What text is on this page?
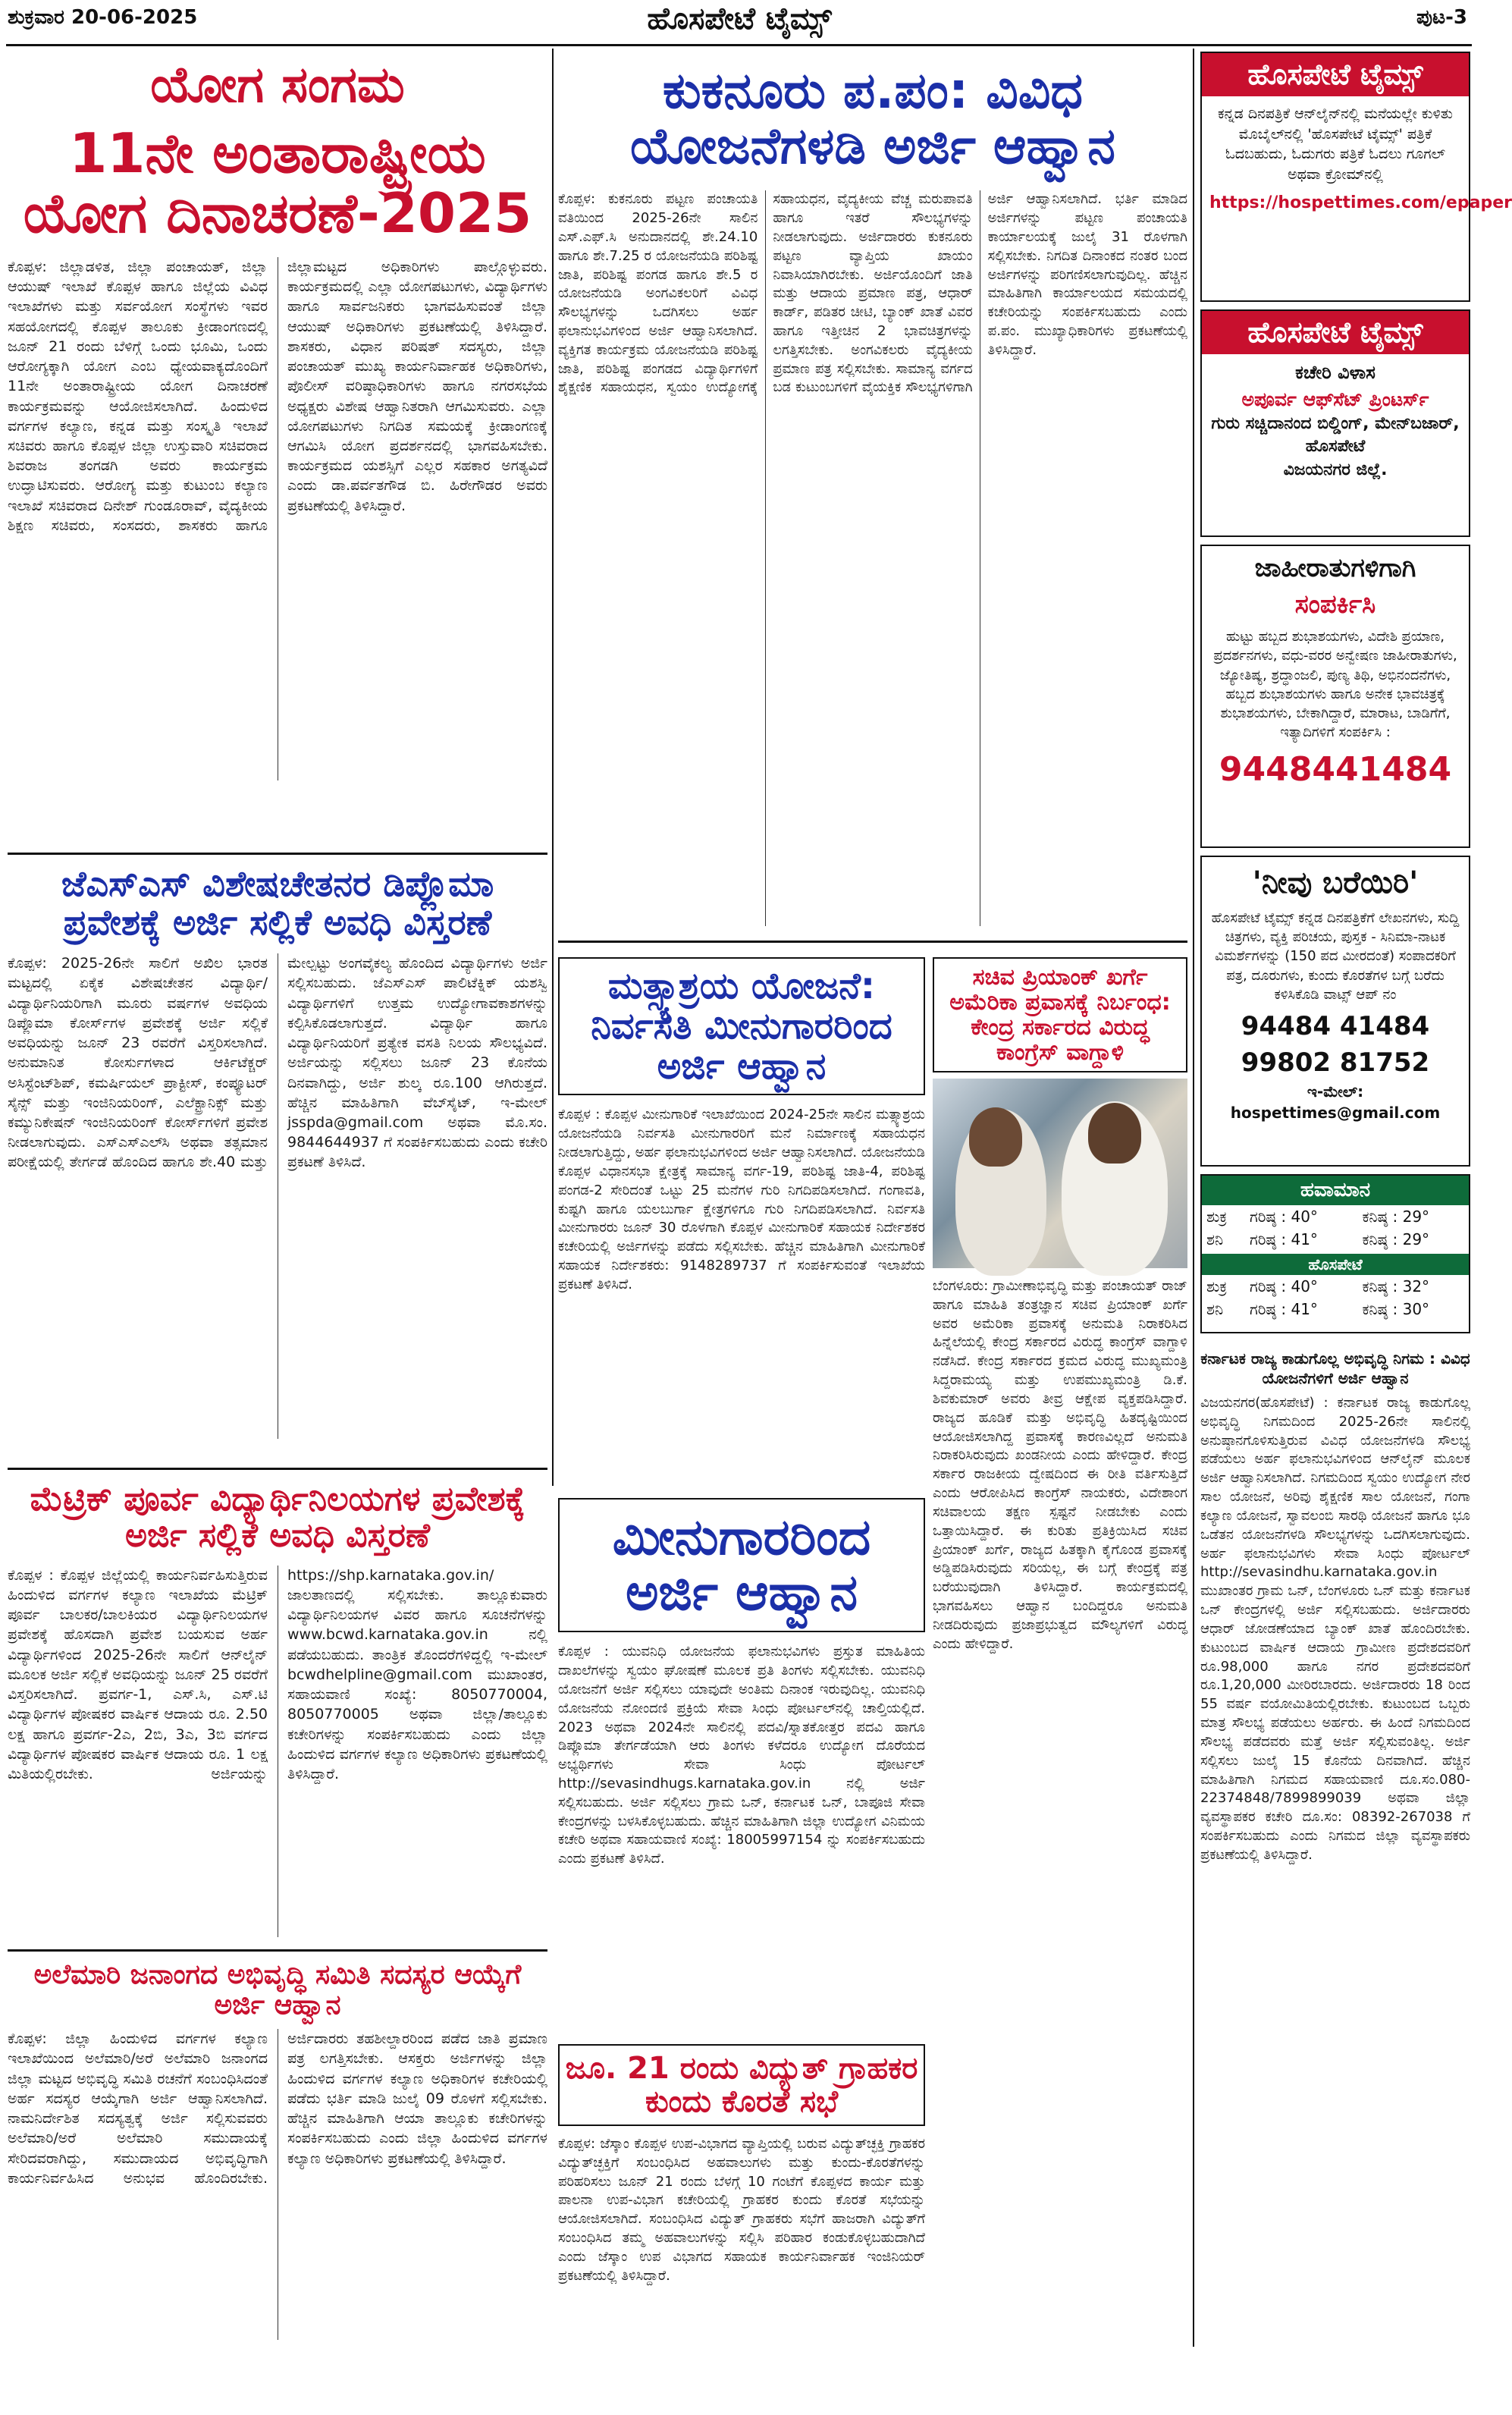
ಶುಕ್ರವಾರ 20-06-2025	ಹೊಸಪೇಟೆ ಟೈಮ್ಸ್	ಪುಟ-3
ಯೋಗ ಸಂಗಮ
11ನೇ ಅಂತಾರಾಷ್ಟ್ರೀಯ ಯೋಗ ದಿನಾಚರಣೆ-2025
ಕೊಪ್ಪಳ: ಜಿಲ್ಲಾಡಳಿತ, ಜಿಲ್ಲಾ ಪಂಚಾಯತ್, ಜಿಲ್ಲಾ ಆಯುಷ್ ಇಲಾಖೆ ಕೊಪ್ಪಳ ಹಾಗೂ ಜಿಲ್ಲೆಯ ವಿವಿಧ ಇಲಾಖೆಗಳು ಮತ್ತು ಸರ್ವಯೋಗ ಸಂಸ್ಥೆಗಳು ಇವರ ಸಹಯೋಗದಲ್ಲಿ ಕೊಪ್ಪಳ ತಾಲೂಕು ಕ್ರೀಡಾಂಗಣದಲ್ಲಿ ಜೂನ್ 21 ರಂದು ಬೆಳಿಗ್ಗೆ ಒಂದು ಭೂಮಿ, ಒಂದು ಆರೋಗ್ಯಕ್ಕಾಗಿ ಯೋಗ ಎಂಬ ಧ್ಯೇಯವಾಕ್ಯದೊಂದಿಗೆ 11ನೇ ಅಂತಾರಾಷ್ಟ್ರೀಯ ಯೋಗ ದಿನಾಚರಣೆ ಕಾರ್ಯಕ್ರಮವನ್ನು ಆಯೋಜಿಸಲಾಗಿದೆ. ಹಿಂದುಳಿದ ವರ್ಗಗಳ ಕಲ್ಯಾಣ, ಕನ್ನಡ ಮತ್ತು ಸಂಸ್ಕೃತಿ ಇಲಾಖೆ ಸಚಿವರು ಹಾಗೂ ಕೊಪ್ಪಳ ಜಿಲ್ಲಾ ಉಸ್ತುವಾರಿ ಸಚಿವರಾದ ಶಿವರಾಜ ತಂಗಡಗಿ ಅವರು ಕಾರ್ಯಕ್ರಮ ಉದ್ಘಾಟಿಸುವರು. ಆರೋಗ್ಯ ಮತ್ತು ಕುಟುಂಬ ಕಲ್ಯಾಣ ಇಲಾಖೆ ಸಚಿವರಾದ ದಿನೇಶ್ ಗುಂಡೂರಾವ್, ವೈದ್ಯಕೀಯ ಶಿಕ್ಷಣ ಸಚಿವರು, ಸಂಸದರು, ಶಾಸಕರು ಹಾಗೂ ಜಿಲ್ಲಾಮಟ್ಟದ ಅಧಿಕಾರಿಗಳು ಪಾಲ್ಗೊಳ್ಳುವರು. ಕಾರ್ಯಕ್ರಮದಲ್ಲಿ ಎಲ್ಲಾ ಯೋಗಪಟುಗಳು, ವಿದ್ಯಾರ್ಥಿಗಳು ಹಾಗೂ ಸಾರ್ವಜನಿಕರು ಭಾಗವಹಿಸುವಂತೆ ಜಿಲ್ಲಾ ಆಯುಷ್ ಅಧಿಕಾರಿಗಳು ಪ್ರಕಟಣೆಯಲ್ಲಿ ತಿಳಿಸಿದ್ದಾರೆ. ಶಾಸಕರು, ವಿಧಾನ ಪರಿಷತ್ ಸದಸ್ಯರು, ಜಿಲ್ಲಾ ಪಂಚಾಯತ್ ಮುಖ್ಯ ಕಾರ್ಯನಿರ್ವಾಹಕ ಅಧಿಕಾರಿಗಳು, ಪೊಲೀಸ್ ವರಿಷ್ಠಾಧಿಕಾರಿಗಳು ಹಾಗೂ ನಗರಸಭೆಯ ಅಧ್ಯಕ್ಷರು ವಿಶೇಷ ಆಹ್ವಾನಿತರಾಗಿ ಆಗಮಿಸುವರು. ಎಲ್ಲಾ ಯೋಗಪಟುಗಳು ನಿಗದಿತ ಸಮಯಕ್ಕೆ ಕ್ರೀಡಾಂಗಣಕ್ಕೆ ಆಗಮಿಸಿ ಯೋಗ ಪ್ರದರ್ಶನದಲ್ಲಿ ಭಾಗವಹಿಸಬೇಕು. ಕಾರ್ಯಕ್ರಮದ ಯಶಸ್ಸಿಗೆ ಎಲ್ಲರ ಸಹಕಾರ ಅಗತ್ಯವಿದೆ ಎಂದು ಡಾ.ಪರ್ವತಗೌಡ ಬಿ. ಹಿರೇಗೌಡರ ಅವರು ಪ್ರಕಟಣೆಯಲ್ಲಿ ತಿಳಿಸಿದ್ದಾರೆ.
ಕುಕನೂರು ಪ.ಪಂ: ವಿವಿಧ ಯೋಜನೆಗಳಡಿ ಅರ್ಜಿ ಆಹ್ವಾನ
ಕೊಪ್ಪಳ: ಕುಕನೂರು ಪಟ್ಟಣ ಪಂಚಾಯತಿ ವತಿಯಿಂದ 2025-26ನೇ ಸಾಲಿನ ಎಸ್.ಎಫ್.ಸಿ ಅನುದಾನದಲ್ಲಿ ಶೇ.24.10 ಹಾಗೂ ಶೇ.7.25 ರ ಯೋಜನೆಯಡಿ ಪರಿಶಿಷ್ಟ ಜಾತಿ, ಪರಿಶಿಷ್ಟ ಪಂಗಡ ಹಾಗೂ ಶೇ.5 ರ ಯೋಜನೆಯಡಿ ಅಂಗವಿಕಲರಿಗೆ ವಿವಿಧ ಸೌಲಭ್ಯಗಳನ್ನು ಒದಗಿಸಲು ಅರ್ಹ ಫಲಾನುಭವಿಗಳಿಂದ ಅರ್ಜಿ ಆಹ್ವಾನಿಸಲಾಗಿದೆ. ವ್ಯಕ್ತಿಗತ ಕಾರ್ಯಕ್ರಮ ಯೋಜನೆಯಡಿ ಪರಿಶಿಷ್ಟ ಜಾತಿ, ಪರಿಶಿಷ್ಟ ಪಂಗಡದ ವಿದ್ಯಾರ್ಥಿಗಳಿಗೆ ಶೈಕ್ಷಣಿಕ ಸಹಾಯಧನ, ಸ್ವಯಂ ಉದ್ಯೋಗಕ್ಕೆ ಸಹಾಯಧನ, ವೈದ್ಯಕೀಯ ವೆಚ್ಚ ಮರುಪಾವತಿ ಹಾಗೂ ಇತರೆ ಸೌಲಭ್ಯಗಳನ್ನು ನೀಡಲಾಗುವುದು. ಅರ್ಜಿದಾರರು ಕುಕನೂರು ಪಟ್ಟಣ ವ್ಯಾಪ್ತಿಯ ಖಾಯಂ ನಿವಾಸಿಯಾಗಿರಬೇಕು. ಅರ್ಜಿಯೊಂದಿಗೆ ಜಾತಿ ಮತ್ತು ಆದಾಯ ಪ್ರಮಾಣ ಪತ್ರ, ಆಧಾರ್ ಕಾರ್ಡ್, ಪಡಿತರ ಚೀಟಿ, ಬ್ಯಾಂಕ್ ಖಾತೆ ವಿವರ ಹಾಗೂ ಇತ್ತೀಚಿನ 2 ಭಾವಚಿತ್ರಗಳನ್ನು ಲಗತ್ತಿಸಬೇಕು. ಅಂಗವಿಕಲರು ವೈದ್ಯಕೀಯ ಪ್ರಮಾಣ ಪತ್ರ ಸಲ್ಲಿಸಬೇಕು. ಸಾಮಾನ್ಯ ವರ್ಗದ ಬಡ ಕುಟುಂಬಗಳಿಗೆ ವೈಯಕ್ತಿಕ ಸೌಲಭ್ಯಗಳಿಗಾಗಿ ಅರ್ಜಿ ಆಹ್ವಾನಿಸಲಾಗಿದೆ. ಭರ್ತಿ ಮಾಡಿದ ಅರ್ಜಿಗಳನ್ನು ಪಟ್ಟಣ ಪಂಚಾಯತಿ ಕಾರ್ಯಾಲಯಕ್ಕೆ ಜುಲೈ 31 ರೊಳಗಾಗಿ ಸಲ್ಲಿಸಬೇಕು. ನಿಗದಿತ ದಿನಾಂಕದ ನಂತರ ಬಂದ ಅರ್ಜಿಗಳನ್ನು ಪರಿಗಣಿಸಲಾಗುವುದಿಲ್ಲ. ಹೆಚ್ಚಿನ ಮಾಹಿತಿಗಾಗಿ ಕಾರ್ಯಾಲಯದ ಸಮಯದಲ್ಲಿ ಕಚೇರಿಯನ್ನು ಸಂಪರ್ಕಿಸಬಹುದು ಎಂದು ಪ.ಪಂ. ಮುಖ್ಯಾಧಿಕಾರಿಗಳು ಪ್ರಕಟಣೆಯಲ್ಲಿ ತಿಳಿಸಿದ್ದಾರೆ.
ಜೆಎಸ್‍ಎಸ್ ವಿಶೇಷಚೇತನರ ಡಿಪ್ಲೊಮಾ ಪ್ರವೇಶಕ್ಕೆ ಅರ್ಜಿ ಸಲ್ಲಿಕೆ ಅವಧಿ ವಿಸ್ತರಣೆ
ಕೊಪ್ಪಳ: 2025-26ನೇ ಸಾಲಿಗೆ ಅಖಿಲ ಭಾರತ ಮಟ್ಟದಲ್ಲಿ ಏಕೈಕ ವಿಶೇಷಚೇತನ ವಿದ್ಯಾರ್ಥಿ/ವಿದ್ಯಾರ್ಥಿನಿಯರಿಗಾಗಿ ಮೂರು ವರ್ಷಗಳ ಅವಧಿಯ ಡಿಪ್ಲೊಮಾ ಕೋರ್ಸ್‍ಗಳ ಪ್ರವೇಶಕ್ಕೆ ಅರ್ಜಿ ಸಲ್ಲಿಕೆ ಅವಧಿಯನ್ನು ಜೂನ್ 23 ರವರೆಗೆ ವಿಸ್ತರಿಸಲಾಗಿದೆ. ಅನುಮಾನಿತ ಕೋರ್ಸುಗಳಾದ ಆರ್ಕಿಟೆಕ್ಚರ್ ಅಸಿಸ್ಟೆಂಟ್‍ಶಿಪ್, ಕಮರ್ಷಿಯಲ್ ಪ್ರಾಕ್ಟೀಸ್, ಕಂಪ್ಯೂಟರ್ ಸೈನ್ಸ್ ಮತ್ತು ಇಂಜಿನಿಯರಿಂಗ್, ಎಲೆಕ್ಟ್ರಾನಿಕ್ಸ್ ಮತ್ತು ಕಮ್ಯುನಿಕೇಷನ್ ಇಂಜಿನಿಯರಿಂಗ್ ಕೋರ್ಸ್‍ಗಳಿಗೆ ಪ್ರವೇಶ ನೀಡಲಾಗುವುದು. ಎಸ್‍ಎಸ್‍ಎಲ್‍ಸಿ ಅಥವಾ ತತ್ಸಮಾನ ಪರೀಕ್ಷೆಯಲ್ಲಿ ತೇರ್ಗಡೆ ಹೊಂದಿದ ಹಾಗೂ ಶೇ.40 ಮತ್ತು ಮೇಲ್ಪಟ್ಟು ಅಂಗವೈಕಲ್ಯ ಹೊಂದಿದ ವಿದ್ಯಾರ್ಥಿಗಳು ಅರ್ಜಿ ಸಲ್ಲಿಸಬಹುದು. ಜೆಎಸ್‍ಎಸ್ ಪಾಲಿಟೆಕ್ನಿಕ್ ಯಶಸ್ವಿ ವಿದ್ಯಾರ್ಥಿಗಳಿಗೆ ಉತ್ತಮ ಉದ್ಯೋಗಾವಕಾಶಗಳನ್ನು ಕಲ್ಪಿಸಿಕೊಡಲಾಗುತ್ತದೆ. ವಿದ್ಯಾರ್ಥಿ ಹಾಗೂ ವಿದ್ಯಾರ್ಥಿನಿಯರಿಗೆ ಪ್ರತ್ಯೇಕ ವಸತಿ ನಿಲಯ ಸೌಲಭ್ಯವಿದೆ. ಅರ್ಜಿಯನ್ನು ಸಲ್ಲಿಸಲು ಜೂನ್ 23 ಕೊನೆಯ ದಿನವಾಗಿದ್ದು, ಅರ್ಜಿ ಶುಲ್ಕ ರೂ.100 ಆಗಿರುತ್ತದೆ. ಹೆಚ್ಚಿನ ಮಾಹಿತಿಗಾಗಿ ವೆಬ್‍ಸೈಟ್, ಇ-ಮೇಲ್ jsspda@gmail.com ಅಥವಾ ಮೊ.ಸಂ. 9844644937 ಗೆ ಸಂಪರ್ಕಿಸಬಹುದು ಎಂದು ಕಚೇರಿ ಪ್ರಕಟಣೆ ತಿಳಿಸಿದೆ.
ಮತ್ಸ್ಯಾಶ್ರಯ ಯೋಜನೆ: ನಿರ್ವಸತಿ ಮೀನುಗಾರರಿಂದ ಅರ್ಜಿ ಆಹ್ವಾನ
ಕೊಪ್ಪಳ : ಕೊಪ್ಪಳ ಮೀನುಗಾರಿಕೆ ಇಲಾಖೆಯಿಂದ 2024-25ನೇ ಸಾಲಿನ ಮತ್ಸ್ಯಾಶ್ರಯ ಯೋಜನೆಯಡಿ ನಿರ್ವಸತಿ ಮೀನುಗಾರರಿಗೆ ಮನೆ ನಿರ್ಮಾಣಕ್ಕೆ ಸಹಾಯಧನ ನೀಡಲಾಗುತ್ತಿದ್ದು, ಅರ್ಹ ಫಲಾನುಭವಿಗಳಿಂದ ಅರ್ಜಿ ಆಹ್ವಾನಿಸಲಾಗಿದೆ. ಯೋಜನೆಯಡಿ ಕೊಪ್ಪಳ ವಿಧಾನಸಭಾ ಕ್ಷೇತ್ರಕ್ಕೆ ಸಾಮಾನ್ಯ ವರ್ಗ-19, ಪರಿಶಿಷ್ಟ ಜಾತಿ-4, ಪರಿಶಿಷ್ಟ ಪಂಗಡ-2 ಸೇರಿದಂತೆ ಒಟ್ಟು 25 ಮನೆಗಳ ಗುರಿ ನಿಗದಿಪಡಿಸಲಾಗಿದೆ. ಗಂಗಾವತಿ, ಕುಷ್ಟಗಿ ಹಾಗೂ ಯಲಬುರ್ಗಾ ಕ್ಷೇತ್ರಗಳಿಗೂ ಗುರಿ ನಿಗದಿಪಡಿಸಲಾಗಿದೆ. ನಿರ್ವಸತಿ ಮೀನುಗಾರರು ಜೂನ್ 30 ರೊಳಗಾಗಿ ಕೊಪ್ಪಳ ಮೀನುಗಾರಿಕೆ ಸಹಾಯಕ ನಿರ್ದೇಶಕರ ಕಚೇರಿಯಲ್ಲಿ ಅರ್ಜಿಗಳನ್ನು ಪಡೆದು ಸಲ್ಲಿಸಬೇಕು. ಹೆಚ್ಚಿನ ಮಾಹಿತಿಗಾಗಿ ಮೀನುಗಾರಿಕೆ ಸಹಾಯಕ ನಿರ್ದೇಶಕರು: 9148289737 ಗೆ ಸಂಪರ್ಕಿಸುವಂತೆ ಇಲಾಖೆಯ ಪ್ರಕಟಣೆ ತಿಳಿಸಿದೆ.
ಸಚಿವ ಪ್ರಿಯಾಂಕ್ ಖರ್ಗೆ ಅಮೆರಿಕಾ ಪ್ರವಾಸಕ್ಕೆ ನಿರ್ಬಂಧ: ಕೇಂದ್ರ ಸರ್ಕಾರದ ವಿರುದ್ಧ ಕಾಂಗ್ರೆಸ್ ವಾಗ್ದಾಳಿ
ಬೆಂಗಳೂರು: ಗ್ರಾಮೀಣಾಭಿವೃದ್ಧಿ ಮತ್ತು ಪಂಚಾಯತ್ ರಾಜ್ ಹಾಗೂ ಮಾಹಿತಿ ತಂತ್ರಜ್ಞಾನ ಸಚಿವ ಪ್ರಿಯಾಂಕ್ ಖರ್ಗೆ ಅವರ ಅಮೆರಿಕಾ ಪ್ರವಾಸಕ್ಕೆ ಅನುಮತಿ ನಿರಾಕರಿಸಿದ ಹಿನ್ನೆಲೆಯಲ್ಲಿ ಕೇಂದ್ರ ಸರ್ಕಾರದ ವಿರುದ್ಧ ಕಾಂಗ್ರೆಸ್ ವಾಗ್ದಾಳಿ ನಡೆಸಿದೆ. ಕೇಂದ್ರ ಸರ್ಕಾರದ ಕ್ರಮದ ವಿರುದ್ಧ ಮುಖ್ಯಮಂತ್ರಿ ಸಿದ್ದರಾಮಯ್ಯ ಮತ್ತು ಉಪಮುಖ್ಯಮಂತ್ರಿ ಡಿ.ಕೆ. ಶಿವಕುಮಾರ್ ಅವರು ತೀವ್ರ ಆಕ್ಷೇಪ ವ್ಯಕ್ತಪಡಿಸಿದ್ದಾರೆ. ರಾಜ್ಯದ ಹೂಡಿಕೆ ಮತ್ತು ಅಭಿವೃದ್ಧಿ ಹಿತದೃಷ್ಟಿಯಿಂದ ಆಯೋಜಿಸಲಾಗಿದ್ದ ಪ್ರವಾಸಕ್ಕೆ ಕಾರಣವಿಲ್ಲದೆ ಅನುಮತಿ ನಿರಾಕರಿಸಿರುವುದು ಖಂಡನೀಯ ಎಂದು ಹೇಳಿದ್ದಾರೆ. ಕೇಂದ್ರ ಸರ್ಕಾರ ರಾಜಕೀಯ ದ್ವೇಷದಿಂದ ಈ ರೀತಿ ವರ್ತಿಸುತ್ತಿದೆ ಎಂದು ಆರೋಪಿಸಿದ ಕಾಂಗ್ರೆಸ್ ನಾಯಕರು, ವಿದೇಶಾಂಗ ಸಚಿವಾಲಯ ತಕ್ಷಣ ಸ್ಪಷ್ಟನೆ ನೀಡಬೇಕು ಎಂದು ಒತ್ತಾಯಿಸಿದ್ದಾರೆ. ಈ ಕುರಿತು ಪ್ರತಿಕ್ರಿಯಿಸಿದ ಸಚಿವ ಪ್ರಿಯಾಂಕ್ ಖರ್ಗೆ, ರಾಜ್ಯದ ಹಿತಕ್ಕಾಗಿ ಕೈಗೊಂಡ ಪ್ರವಾಸಕ್ಕೆ ಅಡ್ಡಿಪಡಿಸಿರುವುದು ಸರಿಯಲ್ಲ, ಈ ಬಗ್ಗೆ ಕೇಂದ್ರಕ್ಕೆ ಪತ್ರ ಬರೆಯುವುದಾಗಿ ತಿಳಿಸಿದ್ದಾರೆ. ಕಾರ್ಯಕ್ರಮದಲ್ಲಿ ಭಾಗವಹಿಸಲು ಆಹ್ವಾನ ಬಂದಿದ್ದರೂ ಅನುಮತಿ ನೀಡದಿರುವುದು ಪ್ರಜಾಪ್ರಭುತ್ವದ ಮೌಲ್ಯಗಳಿಗೆ ವಿರುದ್ಧ ಎಂದು ಹೇಳಿದ್ದಾರೆ.
ಮೆಟ್ರಿಕ್ ಪೂರ್ವ ವಿದ್ಯಾರ್ಥಿನಿಲಯಗಳ ಪ್ರವೇಶಕ್ಕೆ ಅರ್ಜಿ ಸಲ್ಲಿಕೆ ಅವಧಿ ವಿಸ್ತರಣೆ
ಕೊಪ್ಪಳ : ಕೊಪ್ಪಳ ಜಿಲ್ಲೆಯಲ್ಲಿ ಕಾರ್ಯನಿರ್ವಹಿಸುತ್ತಿರುವ ಹಿಂದುಳಿದ ವರ್ಗಗಳ ಕಲ್ಯಾಣ ಇಲಾಖೆಯ ಮೆಟ್ರಿಕ್ ಪೂರ್ವ ಬಾಲಕರ/ಬಾಲಕಿಯರ ವಿದ್ಯಾರ್ಥಿನಿಲಯಗಳ ಪ್ರವೇಶಕ್ಕೆ ಹೊಸದಾಗಿ ಪ್ರವೇಶ ಬಯಸುವ ಅರ್ಹ ವಿದ್ಯಾರ್ಥಿಗಳಿಂದ 2025-26ನೇ ಸಾಲಿಗೆ ಆನ್‍ಲೈನ್ ಮೂಲಕ ಅರ್ಜಿ ಸಲ್ಲಿಕೆ ಅವಧಿಯನ್ನು ಜೂನ್ 25 ರವರೆಗೆ ವಿಸ್ತರಿಸಲಾಗಿದೆ. ಪ್ರವರ್ಗ-1, ಎಸ್.ಸಿ, ಎಸ್.ಟಿ ವಿದ್ಯಾರ್ಥಿಗಳ ಪೋಷಕರ ವಾರ್ಷಿಕ ಆದಾಯ ರೂ. 2.50 ಲಕ್ಷ ಹಾಗೂ ಪ್ರವರ್ಗ-2ಎ, 2ಬಿ, 3ಎ, 3ಬಿ ವರ್ಗದ ವಿದ್ಯಾರ್ಥಿಗಳ ಪೋಷಕರ ವಾರ್ಷಿಕ ಆದಾಯ ರೂ. 1 ಲಕ್ಷ ಮಿತಿಯಲ್ಲಿರಬೇಕು. ಅರ್ಜಿಯನ್ನು https://shp.karnataka.gov.in/ ಜಾಲತಾಣದಲ್ಲಿ ಸಲ್ಲಿಸಬೇಕು. ತಾಲ್ಲೂಕುವಾರು ವಿದ್ಯಾರ್ಥಿನಿಲಯಗಳ ವಿವರ ಹಾಗೂ ಸೂಚನೆಗಳನ್ನು www.bcwd.karnataka.gov.in ನಲ್ಲಿ ಪಡೆಯಬಹುದು. ತಾಂತ್ರಿಕ ತೊಂದರೆಗಳಿದ್ದಲ್ಲಿ ಇ-ಮೇಲ್ bcwdhelpline@gmail.com ಮುಖಾಂತರ, ಸಹಾಯವಾಣಿ ಸಂಖ್ಯೆ: 8050770004, 8050770005 ಅಥವಾ ಜಿಲ್ಲಾ/ತಾಲ್ಲೂಕು ಕಚೇರಿಗಳನ್ನು ಸಂಪರ್ಕಿಸಬಹುದು ಎಂದು ಜಿಲ್ಲಾ ಹಿಂದುಳಿದ ವರ್ಗಗಳ ಕಲ್ಯಾಣ ಅಧಿಕಾರಿಗಳು ಪ್ರಕಟಣೆಯಲ್ಲಿ ತಿಳಿಸಿದ್ದಾರೆ.
ಮೀನುಗಾರರಿಂದ ಅರ್ಜಿ ಆಹ್ವಾನ
ಕೊಪ್ಪಳ : ಯುವನಿಧಿ ಯೋಜನೆಯ ಫಲಾನುಭವಿಗಳು ಪ್ರಸ್ತುತ ಮಾಹಿತಿಯ ದಾಖಲೆಗಳನ್ನು ಸ್ವಯಂ ಘೋಷಣೆ ಮೂಲಕ ಪ್ರತಿ ತಿಂಗಳು ಸಲ್ಲಿಸಬೇಕು. ಯುವನಿಧಿ ಯೋಜನೆಗೆ ಅರ್ಜಿ ಸಲ್ಲಿಸಲು ಯಾವುದೇ ಅಂತಿಮ ದಿನಾಂಕ ಇರುವುದಿಲ್ಲ. ಯುವನಿಧಿ ಯೋಜನೆಯ ನೋಂದಣಿ ಪ್ರಕ್ರಿಯೆ ಸೇವಾ ಸಿಂಧು ಪೋರ್ಟಲ್‍ನಲ್ಲಿ ಚಾಲ್ತಿಯಲ್ಲಿದೆ. 2023 ಅಥವಾ 2024ನೇ ಸಾಲಿನಲ್ಲಿ ಪದವಿ/ಸ್ನಾತಕೋತ್ತರ ಪದವಿ ಹಾಗೂ ಡಿಪ್ಲೊಮಾ ತೇರ್ಗಡೆಯಾಗಿ ಆರು ತಿಂಗಳು ಕಳೆದರೂ ಉದ್ಯೋಗ ದೊರೆಯದ ಅಭ್ಯರ್ಥಿಗಳು ಸೇವಾ ಸಿಂಧು ಪೋರ್ಟಲ್ http://sevasindhugs.karnataka.gov.in ನಲ್ಲಿ ಅರ್ಜಿ ಸಲ್ಲಿಸಬಹುದು. ಅರ್ಜಿ ಸಲ್ಲಿಸಲು ಗ್ರಾಮ ಒನ್, ಕರ್ನಾಟಕ ಒನ್, ಬಾಪೂಜಿ ಸೇವಾ ಕೇಂದ್ರಗಳನ್ನು ಬಳಸಿಕೊಳ್ಳಬಹುದು. ಹೆಚ್ಚಿನ ಮಾಹಿತಿಗಾಗಿ ಜಿಲ್ಲಾ ಉದ್ಯೋಗ ವಿನಿಮಯ ಕಚೇರಿ ಅಥವಾ ಸಹಾಯವಾಣಿ ಸಂಖ್ಯೆ: 18005997154 ನ್ನು ಸಂಪರ್ಕಿಸಬಹುದು ಎಂದು ಪ್ರಕಟಣೆ ತಿಳಿಸಿದೆ.
ಜೂ. 21 ರಂದು ವಿದ್ಯುತ್ ಗ್ರಾಹಕರ ಕುಂದು ಕೊರತೆ ಸಭೆ
ಕೊಪ್ಪಳ: ಜೆಸ್ಕಾಂ ಕೊಪ್ಪಳ ಉಪ-ವಿಭಾಗದ ವ್ಯಾಪ್ತಿಯಲ್ಲಿ ಬರುವ ವಿದ್ಯುತ್‍ಚ್ಛಕ್ತಿ ಗ್ರಾಹಕರ ವಿದ್ಯುತ್‍ಚ್ಛಕ್ತಿಗೆ ಸಂಬಂಧಿಸಿದ ಅಹವಾಲುಗಳು ಮತ್ತು ಕುಂದು-ಕೊರತೆಗಳನ್ನು ಪರಿಹರಿಸಲು ಜೂನ್ 21 ರಂದು ಬೆಳಗ್ಗೆ 10 ಗಂಟೆಗೆ ಕೊಪ್ಪಳದ ಕಾರ್ಯ ಮತ್ತು ಪಾಲನಾ ಉಪ-ವಿಭಾಗ ಕಚೇರಿಯಲ್ಲಿ ಗ್ರಾಹಕರ ಕುಂದು ಕೊರತೆ ಸಭೆಯನ್ನು ಆಯೋಜಿಸಲಾಗಿದೆ. ಸಂಬಂಧಿಸಿದ ವಿದ್ಯುತ್ ಗ್ರಾಹಕರು ಸಭೆಗೆ ಹಾಜರಾಗಿ ವಿದ್ಯುತ್‍ಗೆ ಸಂಬಂಧಿಸಿದ ತಮ್ಮ ಅಹವಾಲುಗಳನ್ನು ಸಲ್ಲಿಸಿ ಪರಿಹಾರ ಕಂಡುಕೊಳ್ಳಬಹುದಾಗಿದೆ ಎಂದು ಜೆಸ್ಕಾಂ ಉಪ ವಿಭಾಗದ ಸಹಾಯಕ ಕಾರ್ಯನಿರ್ವಾಹಕ ಇಂಜಿನಿಯರ್ ಪ್ರಕಟಣೆಯಲ್ಲಿ ತಿಳಿಸಿದ್ದಾರೆ.
ಅಲೆಮಾರಿ ಜನಾಂಗದ ಅಭಿವೃದ್ಧಿ ಸಮಿತಿ ಸದಸ್ಯರ ಆಯ್ಕೆಗೆ ಅರ್ಜಿ ಆಹ್ವಾನ
ಕೊಪ್ಪಳ: ಜಿಲ್ಲಾ ಹಿಂದುಳಿದ ವರ್ಗಗಳ ಕಲ್ಯಾಣ ಇಲಾಖೆಯಿಂದ ಅಲೆಮಾರಿ/ಅರೆ ಅಲೆಮಾರಿ ಜನಾಂಗದ ಜಿಲ್ಲಾ ಮಟ್ಟದ ಅಭಿವೃದ್ಧಿ ಸಮಿತಿ ರಚನೆಗೆ ಸಂಬಂಧಿಸಿದಂತೆ ಅರ್ಹ ಸದಸ್ಯರ ಆಯ್ಕೆಗಾಗಿ ಅರ್ಜಿ ಆಹ್ವಾನಿಸಲಾಗಿದೆ. ನಾಮನಿರ್ದೇಶಿತ ಸದಸ್ಯತ್ವಕ್ಕೆ ಅರ್ಜಿ ಸಲ್ಲಿಸುವವರು ಅಲೆಮಾರಿ/ಅರೆ ಅಲೆಮಾರಿ ಸಮುದಾಯಕ್ಕೆ ಸೇರಿದವರಾಗಿದ್ದು, ಸಮುದಾಯದ ಅಭಿವೃದ್ಧಿಗಾಗಿ ಕಾರ್ಯನಿರ್ವಹಿಸಿದ ಅನುಭವ ಹೊಂದಿರಬೇಕು. ಅರ್ಜಿದಾರರು ತಹಶೀಲ್ದಾರರಿಂದ ಪಡೆದ ಜಾತಿ ಪ್ರಮಾಣ ಪತ್ರ ಲಗತ್ತಿಸಬೇಕು. ಆಸಕ್ತರು ಅರ್ಜಿಗಳನ್ನು ಜಿಲ್ಲಾ ಹಿಂದುಳಿದ ವರ್ಗಗಳ ಕಲ್ಯಾಣ ಅಧಿಕಾರಿಗಳ ಕಚೇರಿಯಲ್ಲಿ ಪಡೆದು ಭರ್ತಿ ಮಾಡಿ ಜುಲೈ 09 ರೊಳಗೆ ಸಲ್ಲಿಸಬೇಕು. ಹೆಚ್ಚಿನ ಮಾಹಿತಿಗಾಗಿ ಆಯಾ ತಾಲ್ಲೂಕು ಕಚೇರಿಗಳನ್ನು ಸಂಪರ್ಕಿಸಬಹುದು ಎಂದು ಜಿಲ್ಲಾ ಹಿಂದುಳಿದ ವರ್ಗಗಳ ಕಲ್ಯಾಣ ಅಧಿಕಾರಿಗಳು ಪ್ರಕಟಣೆಯಲ್ಲಿ ತಿಳಿಸಿದ್ದಾರೆ.
ಹೊಸಪೇಟೆ ಟೈಮ್ಸ್
ಕನ್ನಡ ದಿನಪತ್ರಿಕೆ ಆನ್‍ಲೈನ್‍ನಲ್ಲಿ ಮನೆಯಲ್ಲೇ ಕುಳಿತು ಮೊಬೈಲ್‍ನಲ್ಲಿ 'ಹೊಸಪೇಟೆ ಟೈಮ್ಸ್' ಪತ್ರಿಕೆ ಓದಬಹುದು, ಓದುಗರು ಪತ್ರಿಕೆ ಓದಲು ಗೂಗಲ್ ಅಥವಾ ಕ್ರೋಮ್‍ನಲ್ಲಿ
https://hospettimes.com/epaper
ಹೊಸಪೇಟೆ ಟೈಮ್ಸ್
ಕಚೇರಿ ವಿಳಾಸ
ಅಪೂರ್ವ ಆಫ್‍ಸೆಟ್ ಪ್ರಿಂಟರ್ಸ್
ಗುರು ಸಚ್ಚಿದಾನಂದ ಬಿಲ್ಡಿಂಗ್, ಮೇನ್‍ಬಜಾರ್, ಹೊಸಪೇಟೆ
ವಿಜಯನಗರ ಜಿಲ್ಲೆ.
ಜಾಹೀರಾತುಗಳಿಗಾಗಿ
ಸಂಪರ್ಕಿಸಿ
ಹುಟ್ಟು ಹಬ್ಬದ ಶುಭಾಶಯಗಳು, ವಿದೇಶಿ ಪ್ರಯಾಣ, ಪ್ರದರ್ಶನಗಳು, ವಧು-ವರರ ಅನ್ವೇಷಣ ಜಾಹೀರಾತುಗಳು, ಜ್ಯೋತಿಷ್ಯ, ಶ್ರದ್ಧಾಂಜಲಿ, ಪುಣ್ಯ ತಿಥಿ, ಅಭಿನಂದನೆಗಳು, ಹಬ್ಬದ ಶುಭಾಶಯಗಳು ಹಾಗೂ ಅನೇಕ ಭಾವಚಿತ್ರಕ್ಕೆ ಶುಭಾಶಯಗಳು, ಬೇಕಾಗಿದ್ದಾರೆ, ಮಾರಾಟ, ಬಾಡಿಗೆಗೆ, ಇತ್ಯಾದಿಗಳಿಗೆ ಸಂಪರ್ಕಿಸಿ :
9448441484
'ನೀವು ಬರೆಯಿರಿ'
ಹೊಸಪೇಟೆ ಟೈಮ್ಸ್ ಕನ್ನಡ ದಿನಪತ್ರಿಕೆಗೆ ಲೇಖನಗಳು, ಸುದ್ದಿ ಚಿತ್ರಗಳು, ವ್ಯಕ್ತಿ ಪರಿಚಯ, ಪುಸ್ತಕ - ಸಿನಿಮಾ-ನಾಟಕ ವಿಮರ್ಶೆಗಳನ್ನು (150 ಪದ ಮೀರದಂತೆ) ಸಂಪಾದಕರಿಗೆ ಪತ್ರ, ದೂರುಗಳು, ಕುಂದು ಕೊರತೆಗಳ ಬಗ್ಗೆ ಬರೆದು ಕಳಿಸಿಕೊಡಿ ವಾಟ್ಸ್ ಆಪ್ ನಂ
94484 41484
99802 81752
ಇ-ಮೇಲ್: hospettimes@gmail.com
ಹವಾಮಾನ
ಶುಕ್ರ	ಗರಿಷ್ಠ : 40°	ಕನಿಷ್ಠ : 29°
ಶನಿ	ಗರಿಷ್ಠ : 41°	ಕನಿಷ್ಠ : 29°
ಹೊಸಪೇಟೆ
ಶುಕ್ರ	ಗರಿಷ್ಠ : 40°	ಕನಿಷ್ಠ : 32°
ಶನಿ	ಗರಿಷ್ಠ : 41°	ಕನಿಷ್ಠ : 30°
ಕರ್ನಾಟಕ ರಾಜ್ಯ ಕಾಡುಗೊಲ್ಲ ಅಭಿವೃದ್ಧಿ ನಿಗಮ : ವಿವಿಧ ಯೋಜನೆಗಳಿಗೆ ಅರ್ಜಿ ಆಹ್ವಾನ
ವಿಜಯನಗರ(ಹೊಸಪೇಟೆ) : ಕರ್ನಾಟಕ ರಾಜ್ಯ ಕಾಡುಗೊಲ್ಲ ಅಭಿವೃದ್ಧಿ ನಿಗಮದಿಂದ 2025-26ನೇ ಸಾಲಿನಲ್ಲಿ ಅನುಷ್ಠಾನಗೊಳಿಸುತ್ತಿರುವ ವಿವಿಧ ಯೋಜನೆಗಳಡಿ ಸೌಲಭ್ಯ ಪಡೆಯಲು ಅರ್ಹ ಫಲಾನುಭವಿಗಳಿಂದ ಆನ್‍ಲೈನ್ ಮೂಲಕ ಅರ್ಜಿ ಆಹ್ವಾನಿಸಲಾಗಿದೆ. ನಿಗಮದಿಂದ ಸ್ವಯಂ ಉದ್ಯೋಗ ನೇರ ಸಾಲ ಯೋಜನೆ, ಅರಿವು ಶೈಕ್ಷಣಿಕ ಸಾಲ ಯೋಜನೆ, ಗಂಗಾ ಕಲ್ಯಾಣ ಯೋಜನೆ, ಸ್ವಾವಲಂಬಿ ಸಾರಥಿ ಯೋಜನೆ ಹಾಗೂ ಭೂ ಒಡೆತನ ಯೋಜನೆಗಳಡಿ ಸೌಲಭ್ಯಗಳನ್ನು ಒದಗಿಸಲಾಗುವುದು. ಅರ್ಹ ಫಲಾನುಭವಿಗಳು ಸೇವಾ ಸಿಂಧು ಪೋರ್ಟಲ್ http://sevasindhu.karnataka.gov.in ಮುಖಾಂತರ ಗ್ರಾಮ ಒನ್, ಬೆಂಗಳೂರು ಒನ್ ಮತ್ತು ಕರ್ನಾಟಕ ಒನ್ ಕೇಂದ್ರಗಳಲ್ಲಿ ಅರ್ಜಿ ಸಲ್ಲಿಸಬಹುದು. ಅರ್ಜಿದಾರರು ಆಧಾರ್ ಜೋಡಣೆಯಾದ ಬ್ಯಾಂಕ್ ಖಾತೆ ಹೊಂದಿರಬೇಕು. ಕುಟುಂಬದ ವಾರ್ಷಿಕ ಆದಾಯ ಗ್ರಾಮೀಣ ಪ್ರದೇಶದವರಿಗೆ ರೂ.98,000 ಹಾಗೂ ನಗರ ಪ್ರದೇಶದವರಿಗೆ ರೂ.1,20,000 ಮೀರಿರಬಾರದು. ಅರ್ಜಿದಾರರು 18 ರಿಂದ 55 ವರ್ಷ ವಯೋಮಿತಿಯಲ್ಲಿರಬೇಕು. ಕುಟುಂಬದ ಒಬ್ಬರು ಮಾತ್ರ ಸೌಲಭ್ಯ ಪಡೆಯಲು ಅರ್ಹರು. ಈ ಹಿಂದೆ ನಿಗಮದಿಂದ ಸೌಲಭ್ಯ ಪಡೆದವರು ಮತ್ತೆ ಅರ್ಜಿ ಸಲ್ಲಿಸುವಂತಿಲ್ಲ. ಅರ್ಜಿ ಸಲ್ಲಿಸಲು ಜುಲೈ 15 ಕೊನೆಯ ದಿನವಾಗಿದೆ. ಹೆಚ್ಚಿನ ಮಾಹಿತಿಗಾಗಿ ನಿಗಮದ ಸಹಾಯವಾಣಿ ದೂ.ಸಂ.080-22374848/7899899039 ಅಥವಾ ಜಿಲ್ಲಾ ವ್ಯವಸ್ಥಾಪಕರ ಕಚೇರಿ ದೂ.ಸಂ: 08392-267038 ಗೆ ಸಂಪರ್ಕಿಸಬಹುದು ಎಂದು ನಿಗಮದ ಜಿಲ್ಲಾ ವ್ಯವಸ್ಥಾಪಕರು ಪ್ರಕಟಣೆಯಲ್ಲಿ ತಿಳಿಸಿದ್ದಾರೆ.
